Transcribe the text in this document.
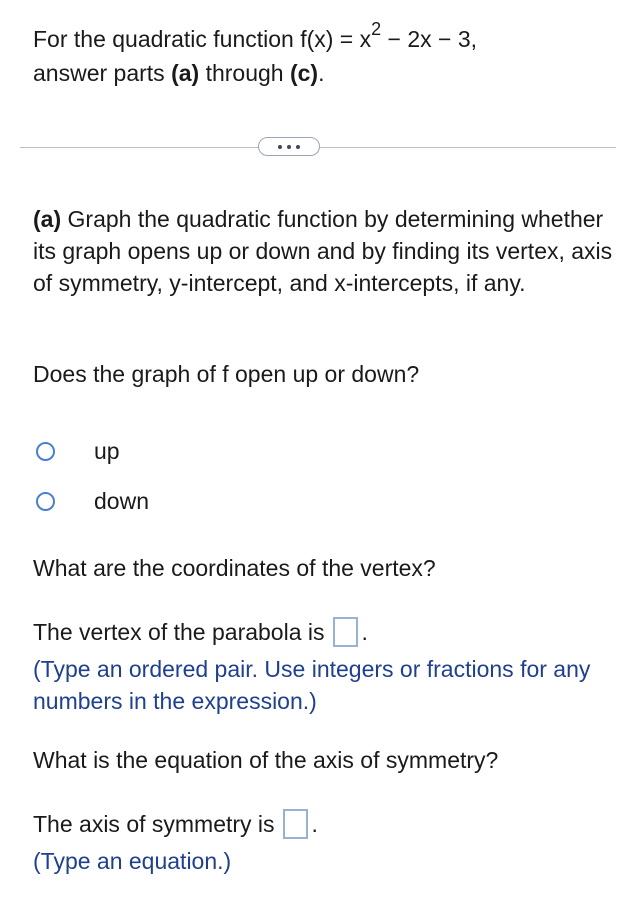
For the quadratic function $f(x) = x^2 - 2x - 3$,
answer parts (a) through (c).
(a) Graph the quadratic function by determining whether its graph opens up or down and by finding its vertex, axis of symmetry, y-intercept, and x-intercepts, if any.
Does the graph of f open up or down?
up
down
What are the coordinates of the vertex?
The vertex of the parabola is .
(Type an ordered pair. Use integers or fractions for any numbers in the expression.)
What is the equation of the axis of symmetry?
The axis of symmetry is .
(Type an equation.)
